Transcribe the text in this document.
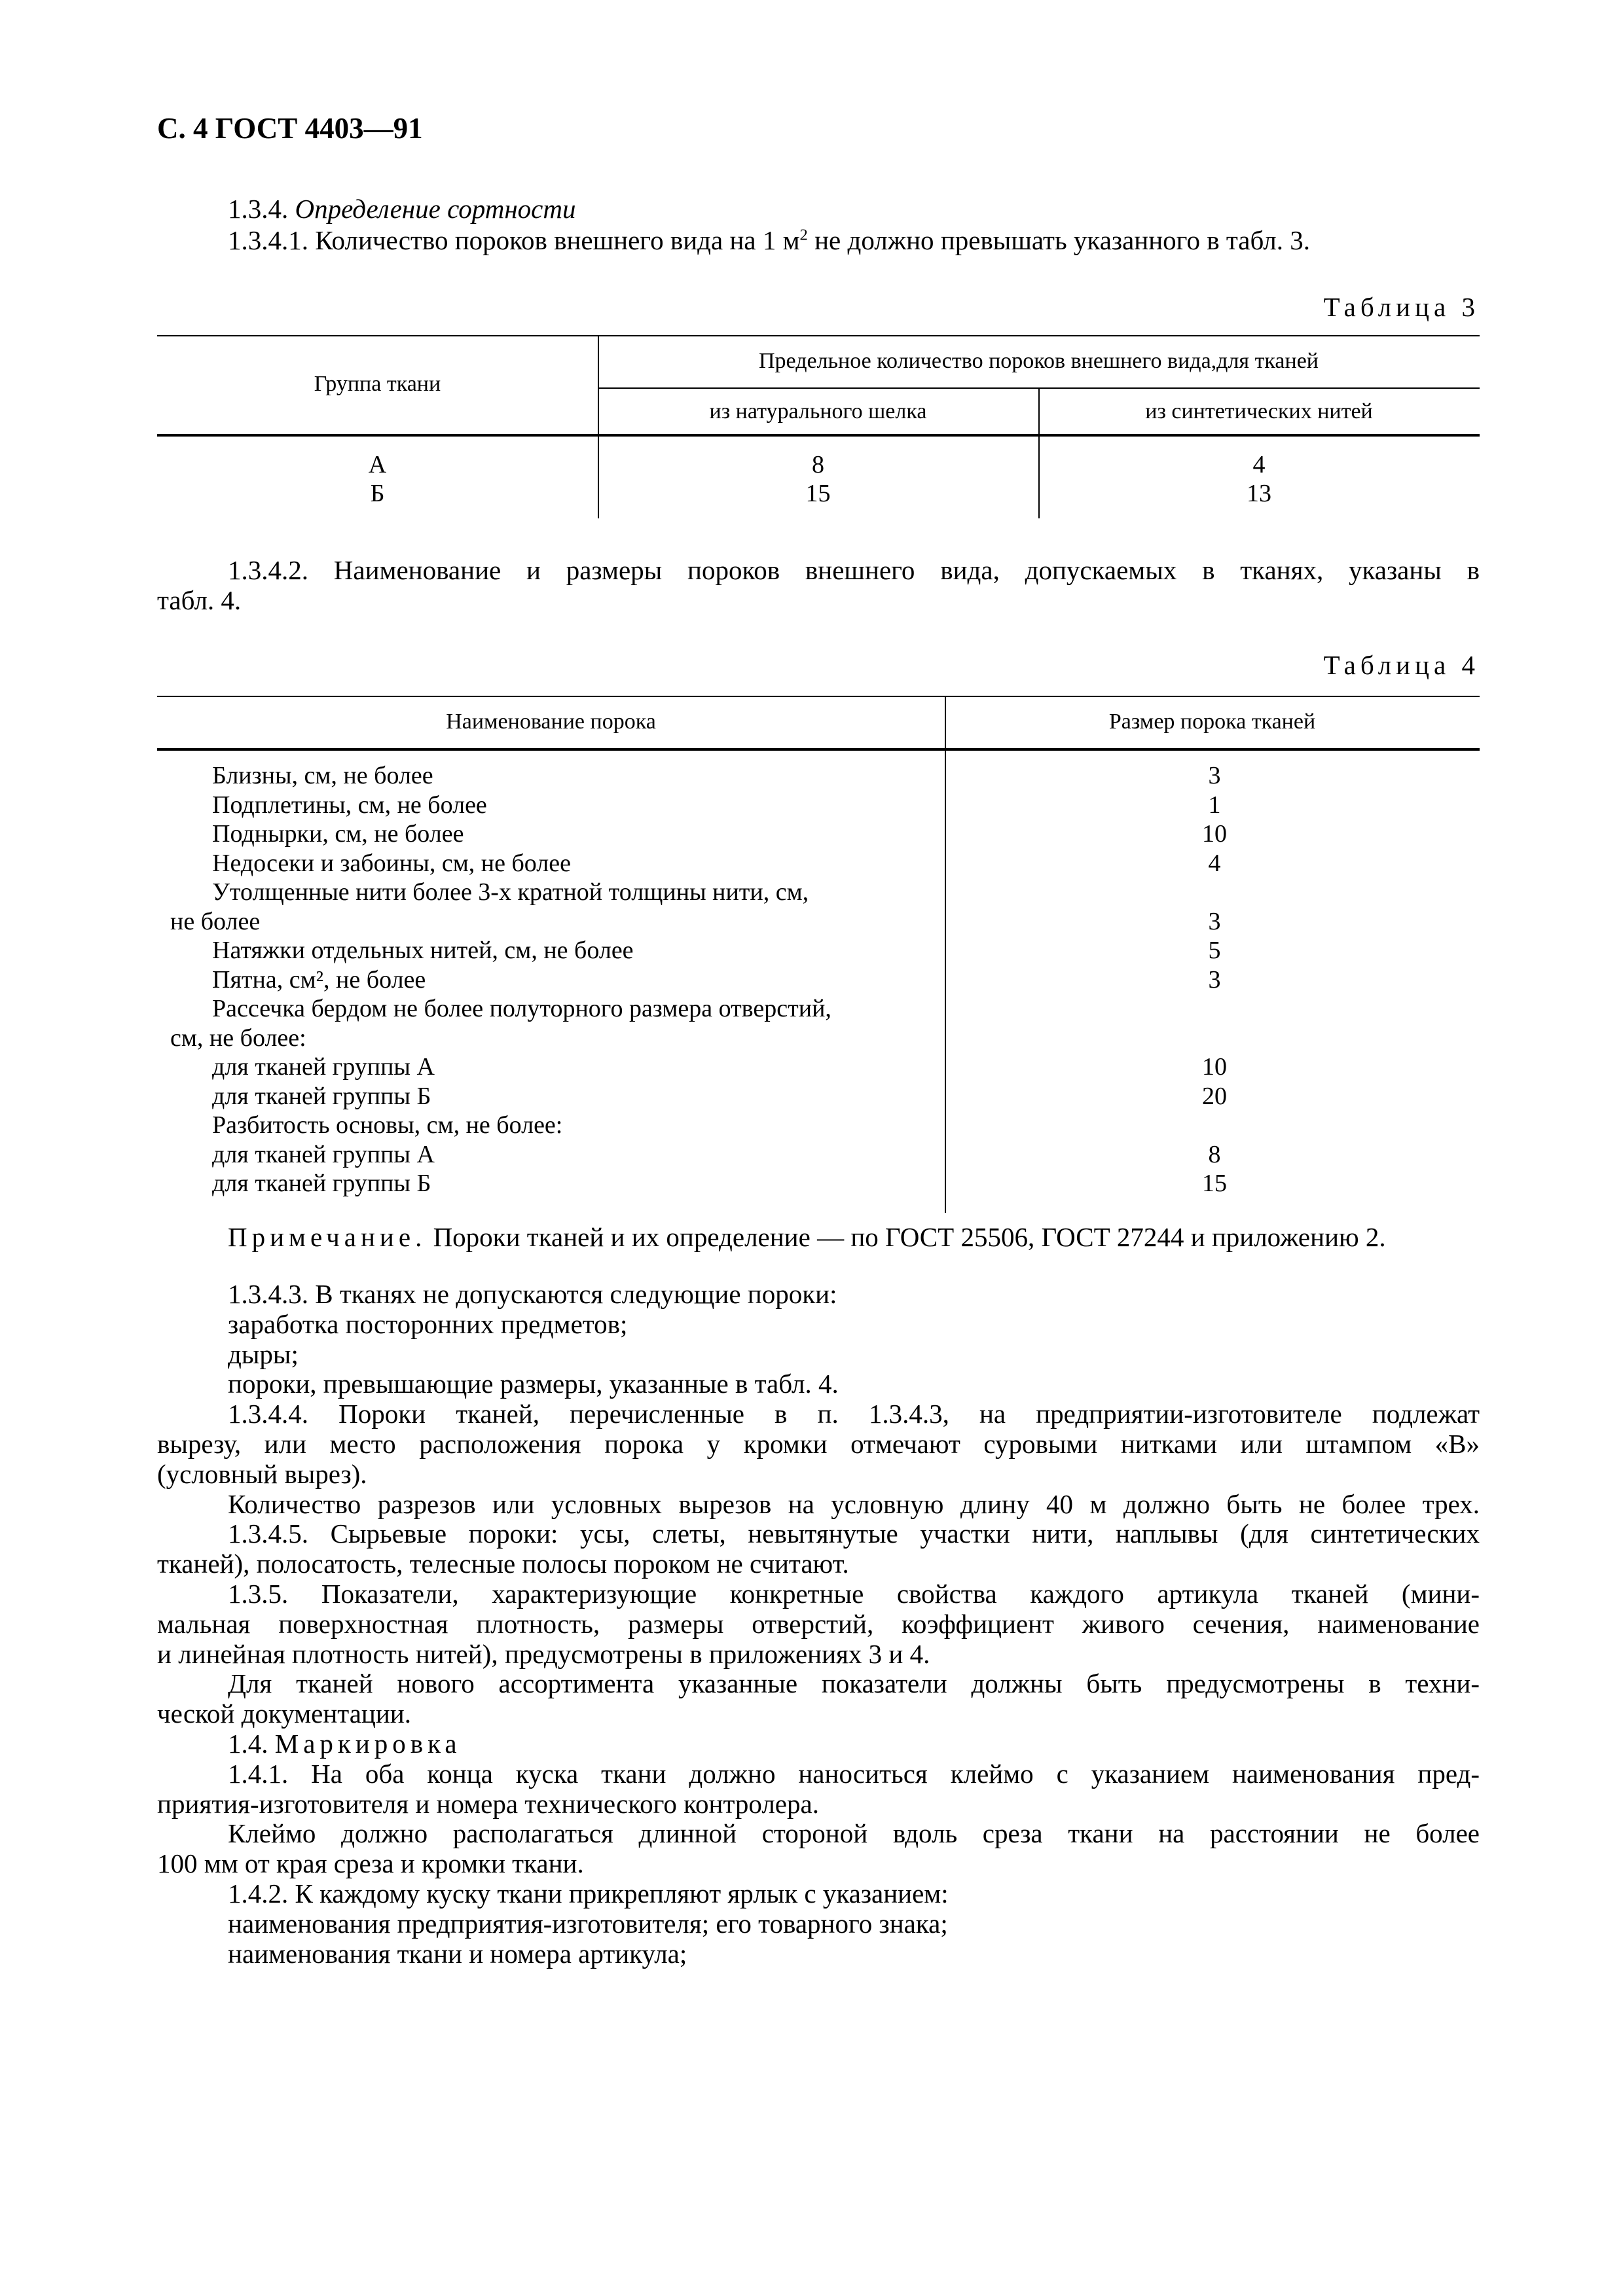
С. 4 ГОСТ 4403—91
1.3.4. Определение сортности
1.3.4.1. Количество пороков внешнего вида на 1 $м^2$ не должно превышать указанного в табл. 3.
Таблица 3
Группа ткани
Предельное количество пороков внешнего вида,для тканей
из натурального шелка	из синтетических нитей
А	8	4
Б	15	13
1.3.4.2. Наименование и размеры пороков внешнего вида, допускаемых в тканях, указаны в
табл. 4.
Таблица 4
Наименование порока	Размер порока тканей
Близны, см, не более	3
Подплетины, см, не более	1
Поднырки, см, не более	10
Недосеки и забоины, см, не более	4
Утолщенные нити более 3-х кратной толщины нити, см,
не более	3
Натяжки отдельных нитей, см, не более	5
Пятна, см², не более	3
Рассечка бердом не более полуторного размера отверстий,
см, не более:
для тканей группы А	10
для тканей группы Б	20
Разбитость основы, см, не более:
для тканей группы А	8
для тканей группы Б	15
Примечание. Пороки тканей и их определение — по ГОСТ 25506, ГОСТ 27244 и приложению 2.
1.3.4.3. В тканях не допускаются следующие пороки:
заработка посторонних предметов;
дыры;
пороки, превышающие размеры, указанные в табл. 4.
1.3.4.4. Пороки тканей, перечисленные в п. 1.3.4.3, на предприятии-изготовителе подлежат
вырезу, или место расположения порока у кромки отмечают суровыми нитками или штампом «В»
(условный вырез).
Количество разрезов или условных вырезов на условную длину 40 м должно быть не более трех.
1.3.4.5. Сырьевые пороки: усы, слеты, невытянутые участки нити, наплывы (для синтетических
тканей), полосатость, телесные полосы пороком не считают.
1.3.5. Показатели, характеризующие конкретные свойства каждого артикула тканей (мини-
мальная поверхностная плотность, размеры отверстий, коэффициент живого сечения, наименование
и линейная плотность нитей), предусмотрены в приложениях 3 и 4.
Для тканей нового ассортимента указанные показатели должны быть предусмотрены в техни-
ческой документации.
1.4. Маркировка
1.4.1. На оба конца куска ткани должно наноситься клеймо с указанием наименования пред-
приятия-изготовителя и номера технического контролера.
Клеймо должно располагаться длинной стороной вдоль среза ткани на расстоянии не более
100 мм от края среза и кромки ткани.
1.4.2. К каждому куску ткани прикрепляют ярлык с указанием:
наименования предприятия-изготовителя; его товарного знака;
наименования ткани и номера артикула;
